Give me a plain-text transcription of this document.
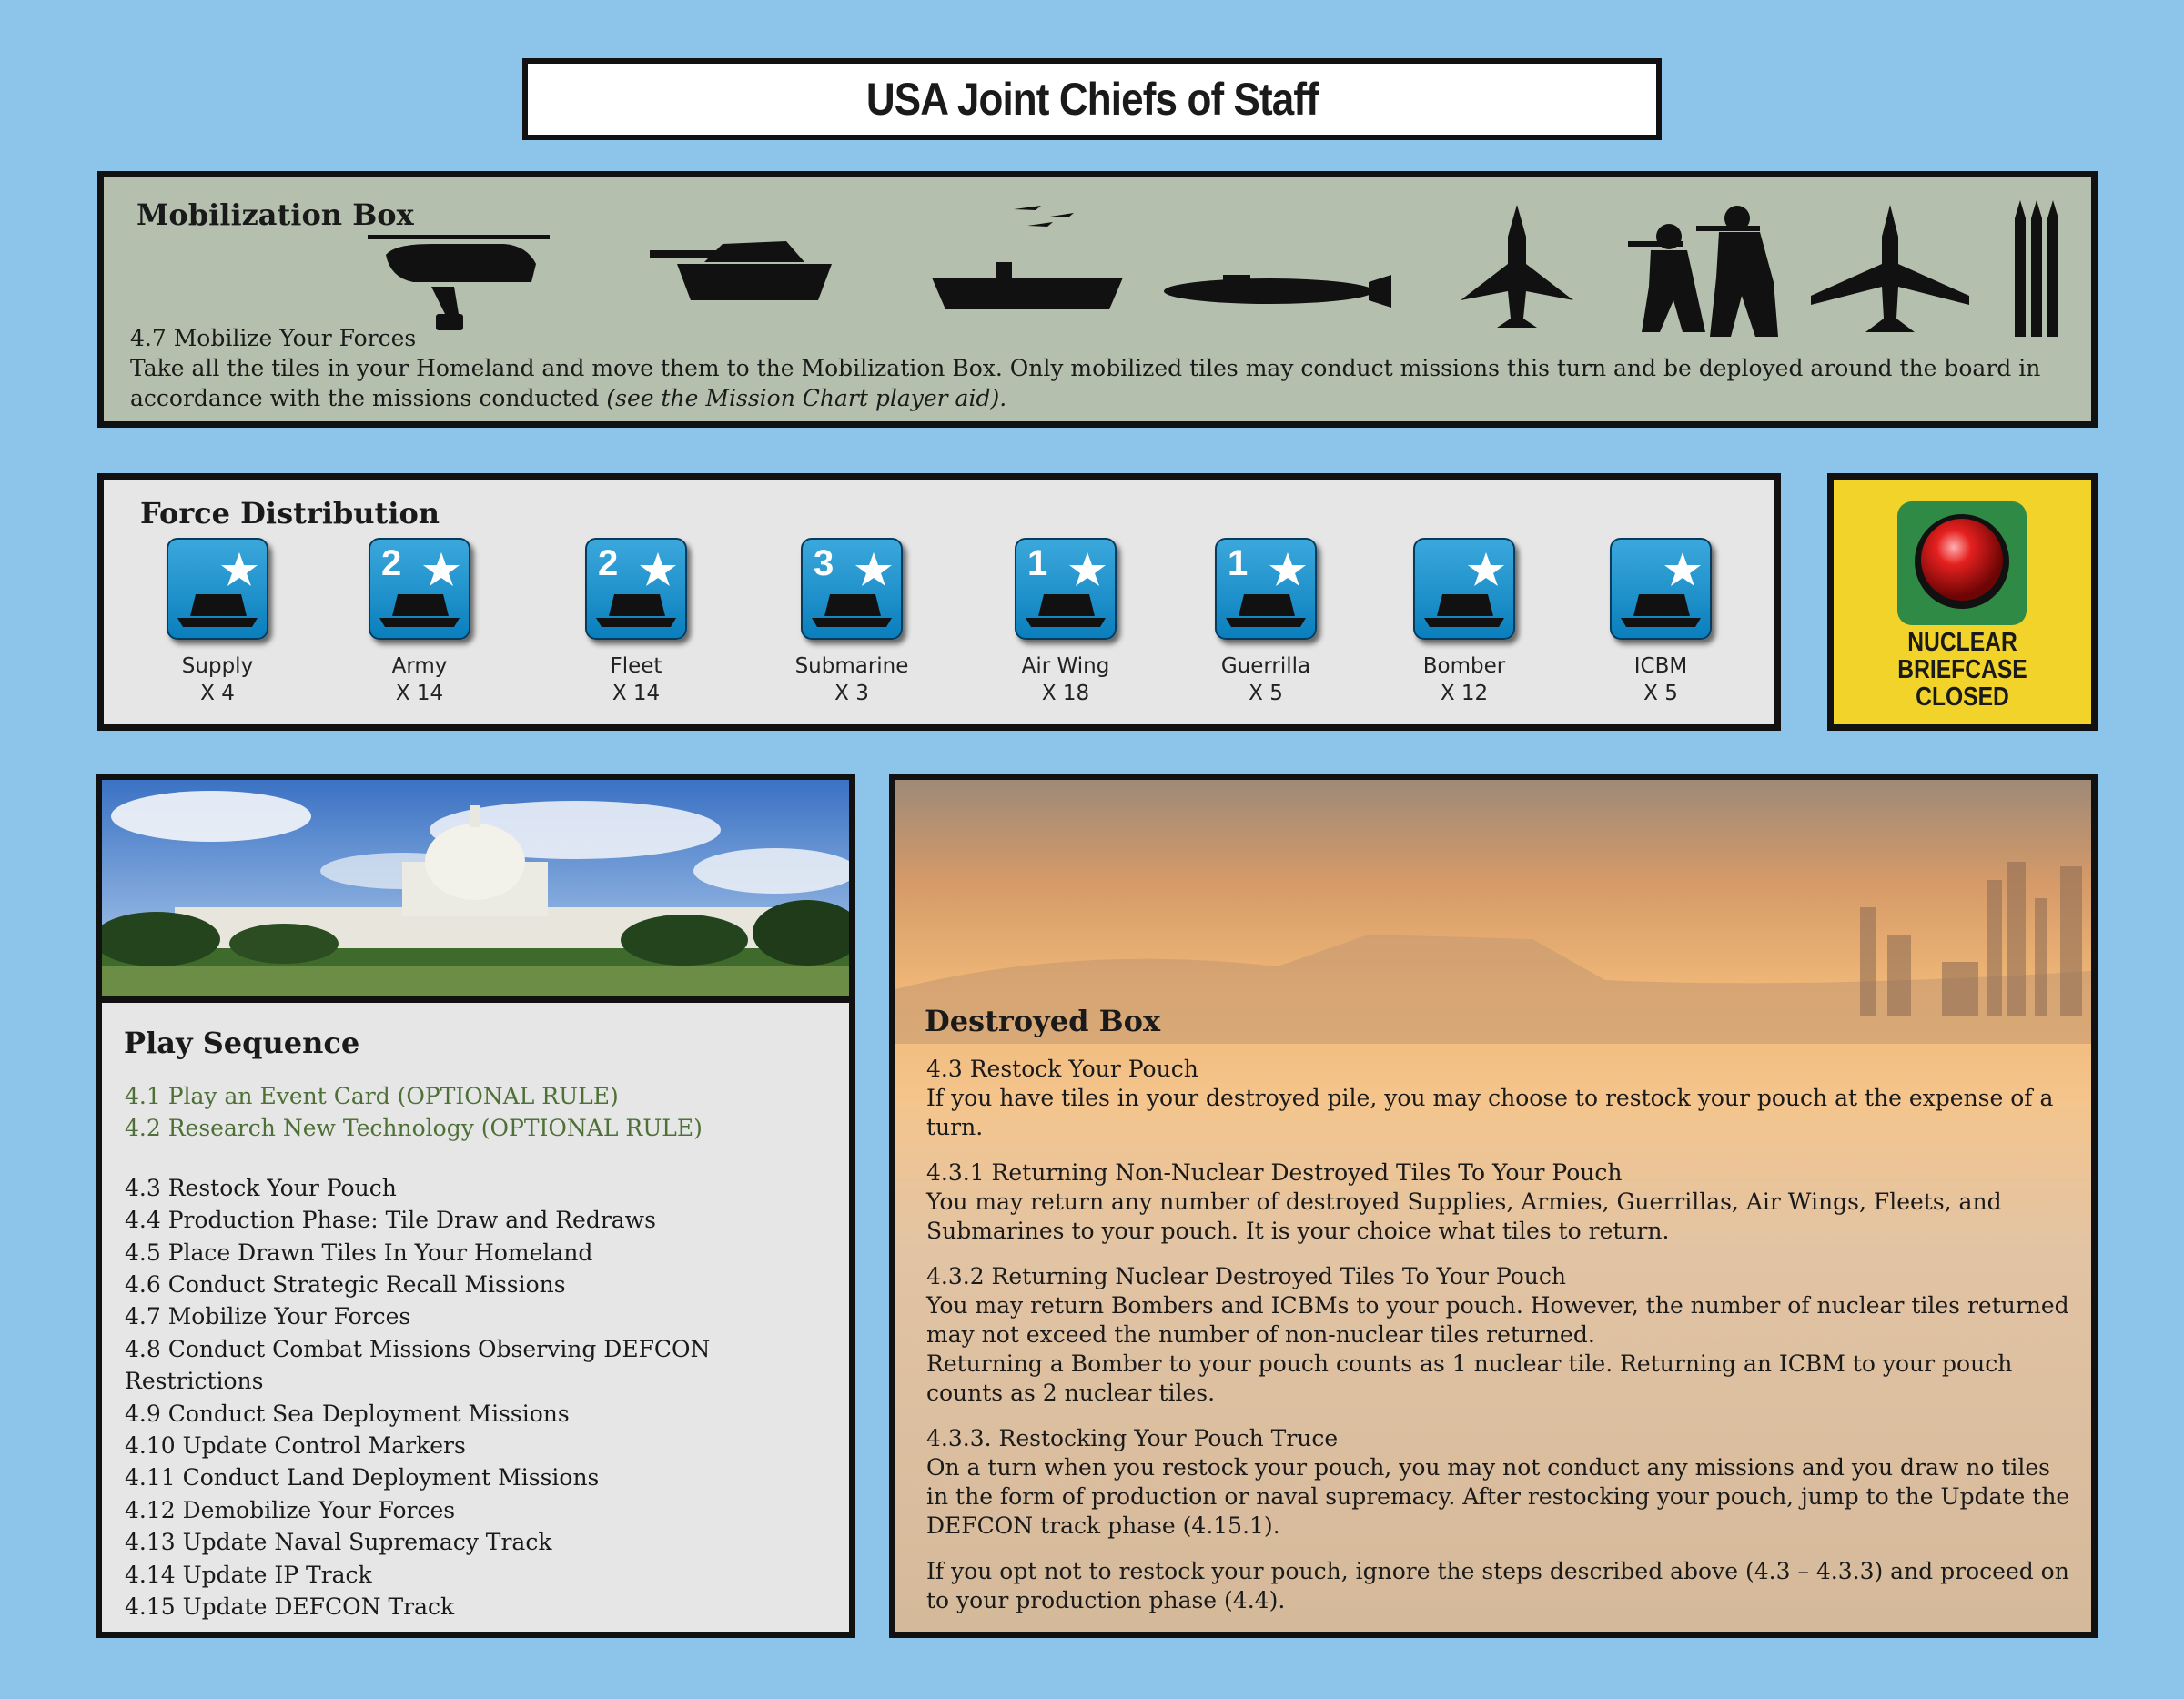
USA Joint Chiefs of Staff
Mobilization Box
4.7 Mobilize Your Forces
Take all the tiles in your Homeland and move them to the Mobilization Box. Only mobilized tiles may conduct missions this turn and be deployed around the board in accordance with the missions conducted (see the Mission Chart player aid).
Force Distribution
Supply
X 4
2
Army
X 14
2
Fleet
X 14
3
Submarine
X 3
1
Air Wing
X 18
1
Guerrilla
X 5
Bomber
X 12
ICBM
X 5
NUCLEAR
BRIEFCASE
CLOSED
Play Sequence
4.1 Play an Event Card (OPTIONAL RULE)
4.2 Research New Technology (OPTIONAL RULE)
4.3 Restock Your Pouch
4.4 Production Phase: Tile Draw and Redraws
4.5 Place Drawn Tiles In Your Homeland
4.6 Conduct Strategic Recall Missions
4.7 Mobilize Your Forces
4.8 Conduct Combat Missions Observing DEFCON Restrictions
4.9 Conduct Sea Deployment Missions
4.10 Update Control Markers
4.11 Conduct Land Deployment Missions
4.12 Demobilize Your Forces
4.13 Update Naval Supremacy Track
4.14 Update IP Track
4.15 Update DEFCON Track
Destroyed Box

4.3 Restock Your Pouch
If you have tiles in your destroyed pile, you may choose to restock your pouch at the expense of a turn.

4.3.1 Returning Non-Nuclear Destroyed Tiles To Your Pouch
You may return any number of destroyed Supplies, Armies, Guerrillas, Air Wings, Fleets, and Submarines to your pouch. It is your choice what tiles to return.

4.3.2 Returning Nuclear Destroyed Tiles To Your Pouch
You may return Bombers and ICBMs to your pouch. However, the number of nuclear tiles returned may not exceed the number of non-nuclear tiles returned.
Returning a Bomber to your pouch counts as 1 nuclear tile. Returning an ICBM to your pouch counts as 2 nuclear tiles.

4.3.3. Restocking Your Pouch Truce
On a turn when you restock your pouch, you may not conduct any missions and you draw no tiles in the form of production or naval supremacy. After restocking your pouch, jump to the Update the DEFCON track phase (4.15.1).

If you opt not to restock your pouch, ignore the steps described above (4.3 – 4.3.3) and proceed on to your production phase (4.4).
